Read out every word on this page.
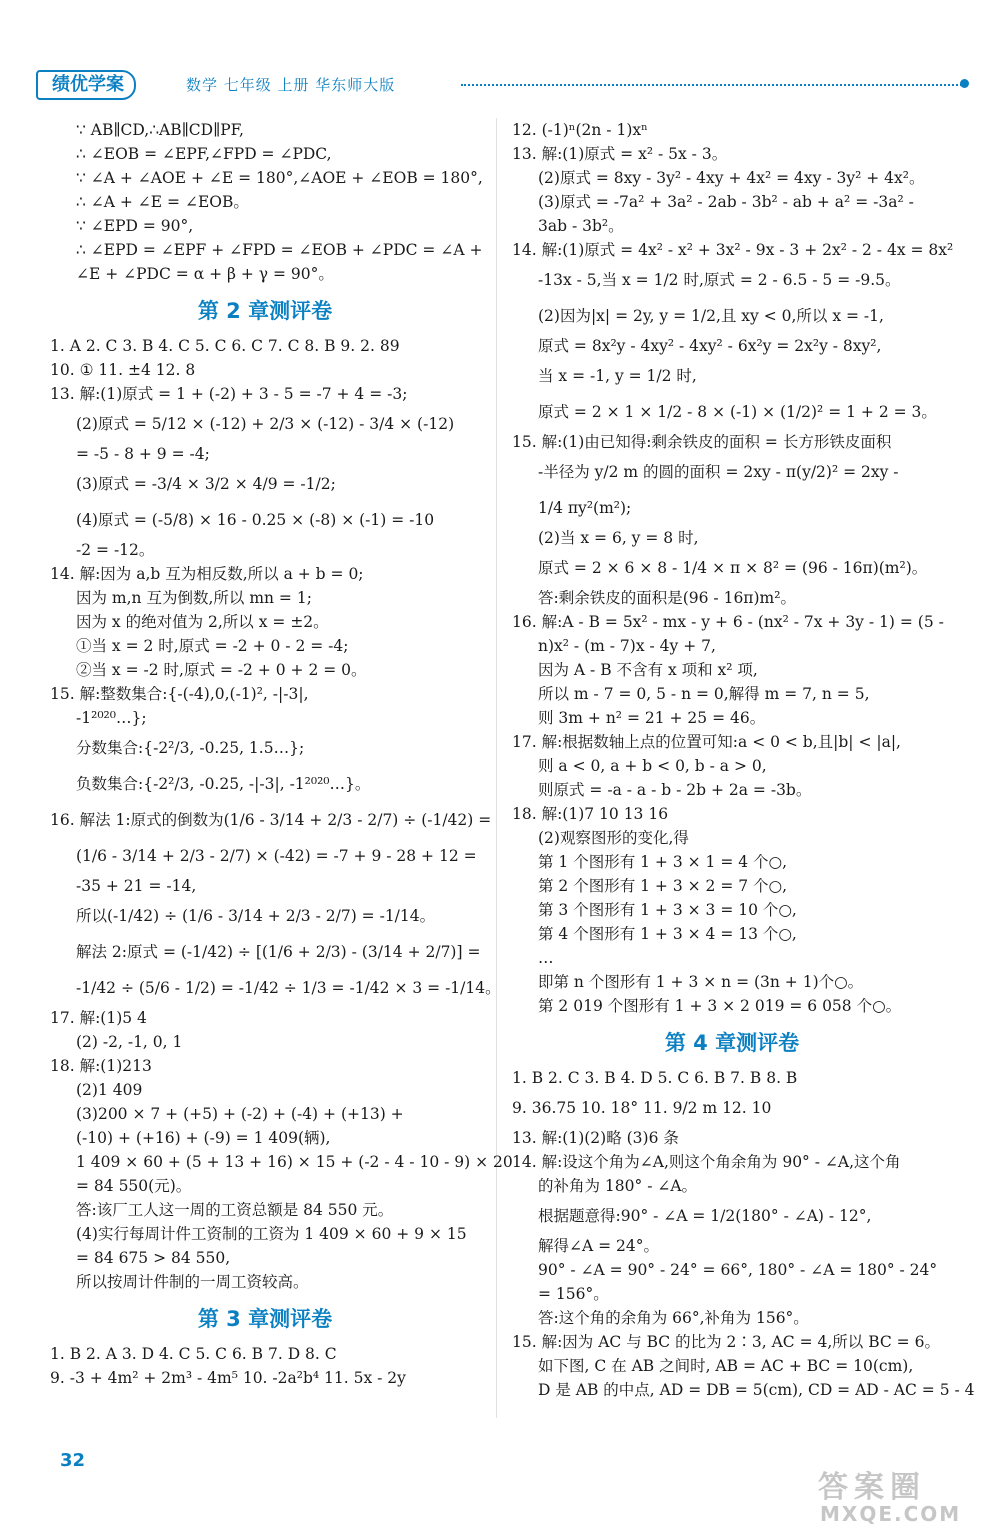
绩优学案	数学 七年级 上册 华东师大版
∵ AB∥CD,∴AB∥CD∥PF,
∴ ∠EOB = ∠EPF,∠FPD = ∠PDC,
∵ ∠A + ∠AOE + ∠E = 180°,∠AOE + ∠EOB = 180°,
∴ ∠A + ∠E = ∠EOB。
∵ ∠EPD = 90°,
∴ ∠EPD = ∠EPF + ∠FPD = ∠EOB + ∠PDC = ∠A +
∠E + ∠PDC = α + β + γ = 90°。
第 2 章测评卷
1. A 2. C 3. B 4. C 5. C 6. C 7. C 8. B 9. 2. 89
10. ① 11. ±4 12. 8
13. 解:(1)原式 = 1 + (-2) + 3 - 5 = -7 + 4 = -3;
(2)原式 = 5/12 × (-12) + 2/3 × (-12) - 3/4 × (-12)
= -5 - 8 + 9 = -4;
(3)原式 = -3/4 × 3/2 × 4/9 = -1/2;
(4)原式 = (-5/8) × 16 - 0.25 × (-8) × (-1) = -10
-2 = -12。
14. 解:因为 a,b 互为相反数,所以 a + b = 0;
因为 m,n 互为倒数,所以 mn = 1;
因为 x 的绝对值为 2,所以 x = ±2。
①当 x = 2 时,原式 = -2 + 0 - 2 = -4;
②当 x = -2 时,原式 = -2 + 0 + 2 = 0。
15. 解:整数集合:{-(-4),0,(-1)², -|-3|,
-1²⁰²⁰…};
分数集合:{-2²/3, -0.25, 1.5…};
负数集合:{-2²/3, -0.25, -|-3|, -1²⁰²⁰…}。
16. 解法 1:原式的倒数为(1/6 - 3/14 + 2/3 - 2/7) ÷ (-1/42) =
(1/6 - 3/14 + 2/3 - 2/7) × (-42) = -7 + 9 - 28 + 12 =
-35 + 21 = -14,
所以(-1/42) ÷ (1/6 - 3/14 + 2/3 - 2/7) = -1/14。
解法 2:原式 = (-1/42) ÷ [(1/6 + 2/3) - (3/14 + 2/7)] =
-1/42 ÷ (5/6 - 1/2) = -1/42 ÷ 1/3 = -1/42 × 3 = -1/14。
17. 解:(1)5 4
(2) -2, -1, 0, 1
18. 解:(1)213
(2)1 409
(3)200 × 7 + (+5) + (-2) + (-4) + (+13) +
(-10) + (+16) + (-9) = 1 409(辆),
1 409 × 60 + (5 + 13 + 16) × 15 + (-2 - 4 - 10 - 9) × 20
= 84 550(元)。
答:该厂工人这一周的工资总额是 84 550 元。
(4)实行每周计件工资制的工资为 1 409 × 60 + 9 × 15
= 84 675 > 84 550,
所以按周计件制的一周工资较高。
第 3 章测评卷
1. B 2. A 3. D 4. C 5. C 6. B 7. D 8. C
9. -3 + 4m² + 2m³ - 4m⁵ 10. -2a²b⁴ 11. 5x - 2y
12. (-1)ⁿ(2n - 1)xⁿ
13. 解:(1)原式 = x² - 5x - 3。
(2)原式 = 8xy - 3y² - 4xy + 4x² = 4xy - 3y² + 4x²。
(3)原式 = -7a² + 3a² - 2ab - 3b² - ab + a² = -3a² -
3ab - 3b²。
14. 解:(1)原式 = 4x² - x² + 3x² - 9x - 3 + 2x² - 2 - 4x = 8x²
-13x - 5,当 x = 1/2 时,原式 = 2 - 6.5 - 5 = -9.5。
(2)因为|x| = 2y, y = 1/2,且 xy < 0,所以 x = -1,
原式 = 8x²y - 4xy² - 4xy² - 6x²y = 2x²y - 8xy²,
当 x = -1, y = 1/2 时,
原式 = 2 × 1 × 1/2 - 8 × (-1) × (1/2)² = 1 + 2 = 3。
15. 解:(1)由已知得:剩余铁皮的面积 = 长方形铁皮面积
-半径为 y/2 m 的圆的面积 = 2xy - π(y/2)² = 2xy -
1/4 πy²(m²);
(2)当 x = 6, y = 8 时,
原式 = 2 × 6 × 8 - 1/4 × π × 8² = (96 - 16π)(m²)。
答:剩余铁皮的面积是(96 - 16π)m²。
16. 解:A - B = 5x² - mx - y + 6 - (nx² - 7x + 3y - 1) = (5 -
n)x² - (m - 7)x - 4y + 7,
因为 A - B 不含有 x 项和 x² 项,
所以 m - 7 = 0, 5 - n = 0,解得 m = 7, n = 5,
则 3m + n² = 21 + 25 = 46。
17. 解:根据数轴上点的位置可知:a < 0 < b,且|b| < |a|,
则 a < 0, a + b < 0, b - a > 0,
则原式 = -a - a - b - 2b + 2a = -3b。
18. 解:(1)7 10 13 16
(2)观察图形的变化,得
第 1 个图形有 1 + 3 × 1 = 4 个○,
第 2 个图形有 1 + 3 × 2 = 7 个○,
第 3 个图形有 1 + 3 × 3 = 10 个○,
第 4 个图形有 1 + 3 × 4 = 13 个○,
…
即第 n 个图形有 1 + 3 × n = (3n + 1)个○。
第 2 019 个图形有 1 + 3 × 2 019 = 6 058 个○。
第 4 章测评卷
1. B 2. C 3. B 4. D 5. C 6. B 7. B 8. B
9. 36.75 10. 18° 11. 9/2 m 12. 10
13. 解:(1)(2)略 (3)6 条
14. 解:设这个角为∠A,则这个角余角为 90° - ∠A,这个角
的补角为 180° - ∠A。
根据题意得:90° - ∠A = 1/2(180° - ∠A) - 12°,
解得∠A = 24°。
90° - ∠A = 90° - 24° = 66°, 180° - ∠A = 180° - 24°
= 156°。
答:这个角的余角为 66°,补角为 156°。
15. 解:因为 AC 与 BC 的比为 2∶3, AC = 4,所以 BC = 6。
如下图, C 在 AB 之间时, AB = AC + BC = 10(cm),
D 是 AB 的中点, AD = DB = 5(cm), CD = AD - AC = 5 - 4
32
答案圈
MXQE.COM
